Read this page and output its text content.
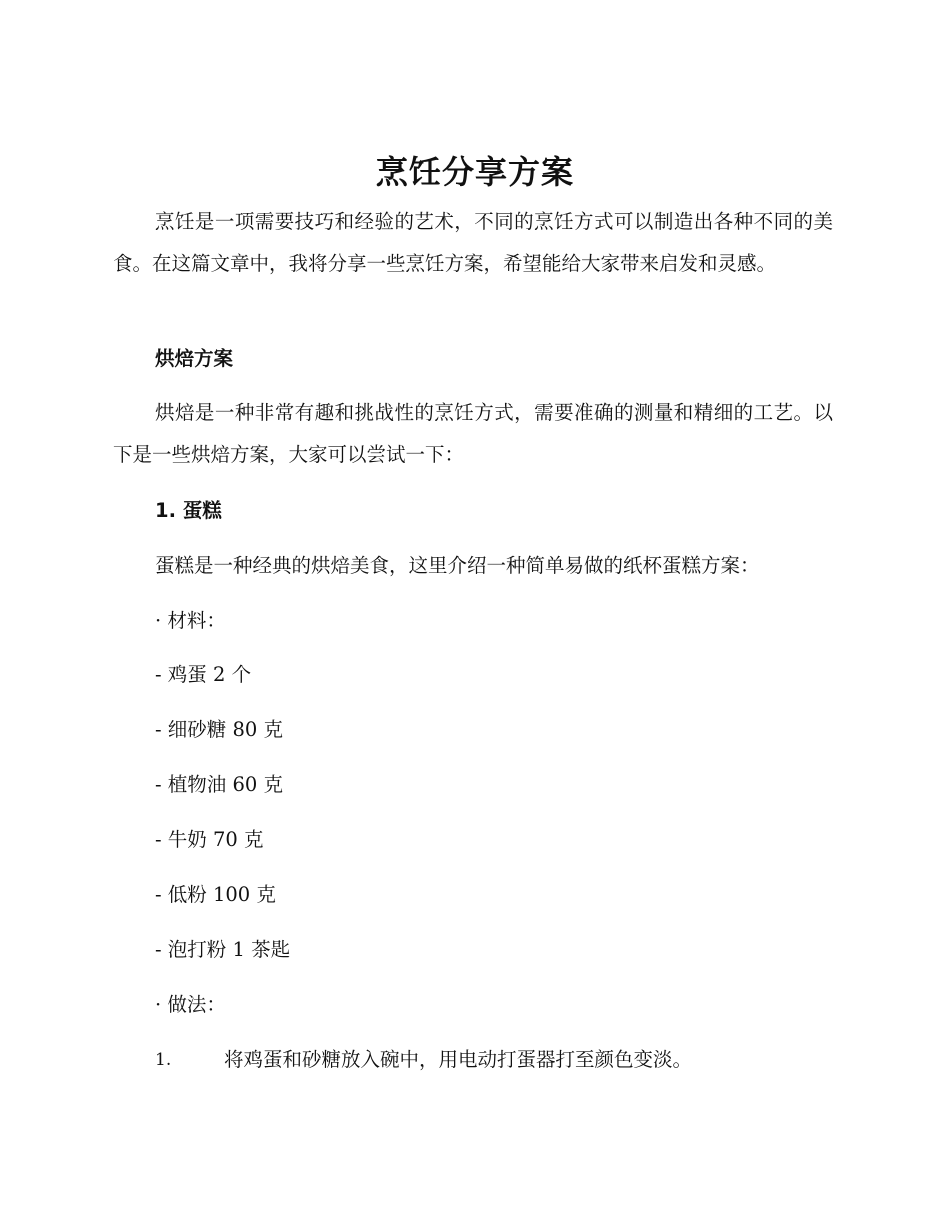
烹饪分享方案

烹饪是一项需要技巧和经验的艺术，不同的烹饪方式可以制造出各种不同的美食。在这篇文章中，我将分享一些烹饪方案，希望能给大家带来启发和灵感。

烘焙方案

烘焙是一种非常有趣和挑战性的烹饪方式，需要准确的测量和精细的工艺。以下是一些烘焙方案，大家可以尝试一下：

1. 蛋糕

蛋糕是一种经典的烘焙美食，这里介绍一种简单易做的纸杯蛋糕方案：

· 材料：

- 鸡蛋 2 个

- 细砂糖 80 克

- 植物油 60 克

- 牛奶 70 克

- 低粉 100 克

- 泡打粉 1 茶匙

· 做法：

1.	将鸡蛋和砂糖放入碗中，用电动打蛋器打至颜色变淡。
